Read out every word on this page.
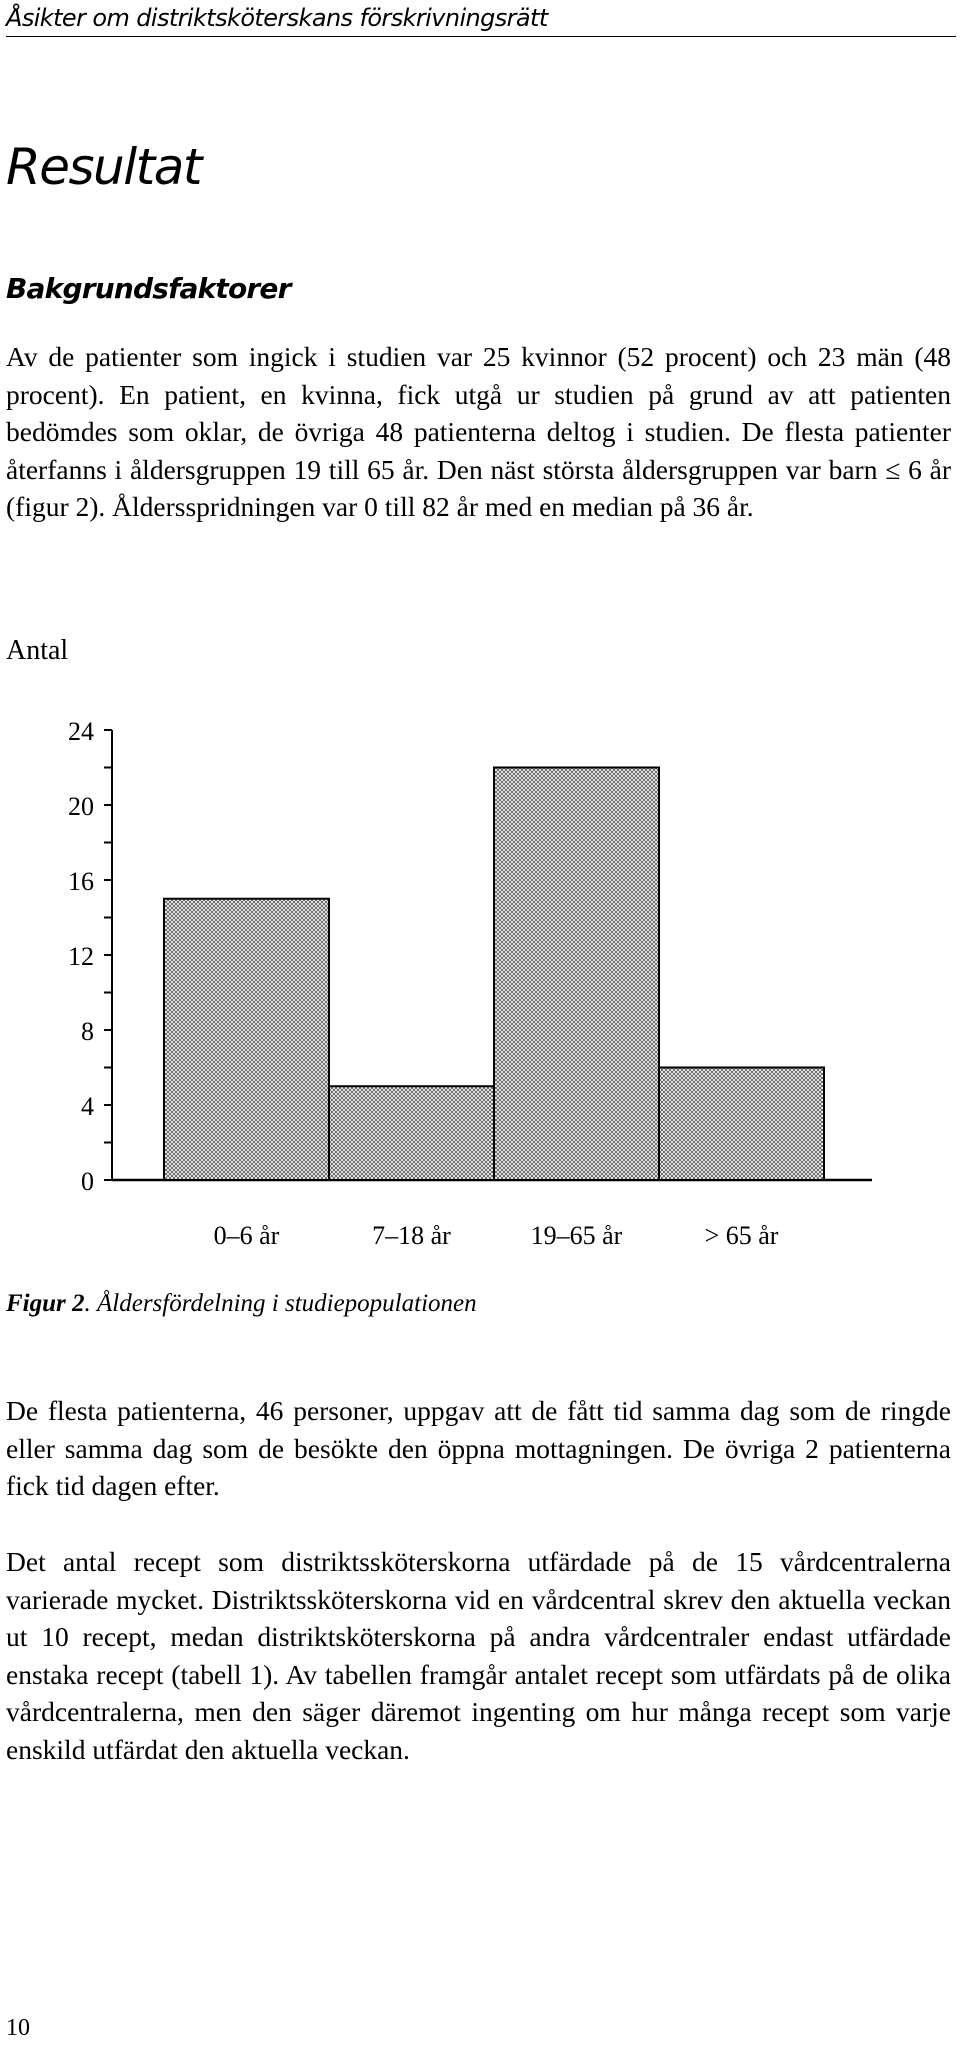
Åsikter om distriktsköterskans förskrivningsrätt
Resultat
Bakgrundsfaktorer

Av de patienter som ingick i studien var 25 kvinnor (52 procent) och 23 män (48 procent). En patient, en kvinna, fick utgå ur studien på grund av att patienten bedömdes som oklar, de övriga 48 patienterna deltog i studien. De flesta patienter återfanns i åldersgruppen 19 till 65 år. Den näst största åldersgruppen var barn ≤ 6 år (figur 2). Åldersspridningen var 0 till 82 år med en median på 36 år.

Antal
0
4
8
12
16
20
24
0–6 år	7–18 år	19–65 år	> 65 år

Figur 2. Åldersfördelning i studiepopulationen

De flesta patienterna, 46 personer, uppgav att de fått tid samma dag som de ringde eller samma dag som de besökte den öppna mottagningen. De övriga 2 patienterna fick tid dagen efter.

Det antal recept som distriktssköterskorna utfärdade på de 15 vårdcentralerna varierade mycket. Distriktssköterskorna vid en vårdcentral skrev den aktuella veckan ut 10 recept, medan distriktsköterskorna på andra vårdcentraler endast utfärdade enstaka recept (tabell 1). Av tabellen framgår antalet recept som utfärdats på de olika vårdcentralerna, men den säger däremot ingenting om hur många recept som varje enskild utfärdat den aktuella veckan.

10
